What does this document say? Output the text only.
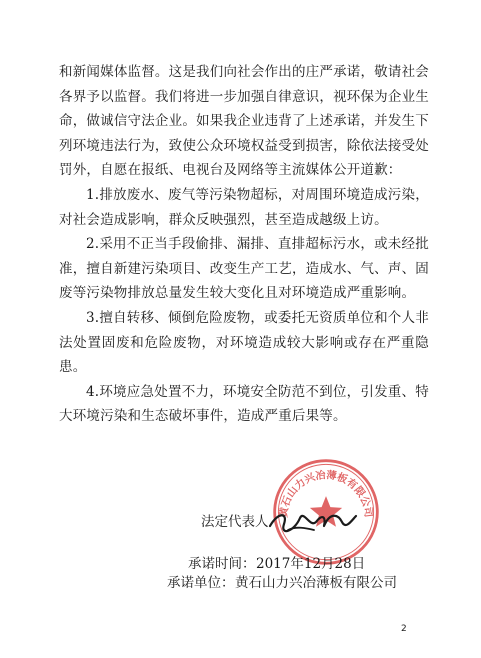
和新闻媒体监督。这是我们向社会作出的庄严承诺，敬请社会各界予以监督。我们将进一步加强自律意识，视环保为企业生命，做诚信守法企业。如果我企业违背了上述承诺，并发生下列环境违法行为，致使公众环境权益受到损害，除依法接受处罚外，自愿在报纸、电视台及网络等主流媒体公开道歉：

1.排放废水、废气等污染物超标，对周围环境造成污染，对社会造成影响，群众反映强烈，甚至造成越级上访。

2.采用不正当手段偷排、漏排、直排超标污水，或未经批准，擅自新建污染项目、改变生产工艺，造成水、气、声、固废等污染物排放总量发生较大变化且对环境造成严重影响。

3.擅自转移、倾倒危险废物，或委托无资质单位和个人非法处置固废和危险废物，对环境造成较大影响或存在严重隐患。

4.环境应急处置不力，环境安全防范不到位，引发重、特大环境污染和生态破坏事件，造成严重后果等。

黄石山力兴冶薄板有限公司
法定代表人
承诺时间： 2017年12月28日
承诺单位： 黄石山力兴冶薄板有限公司
2
